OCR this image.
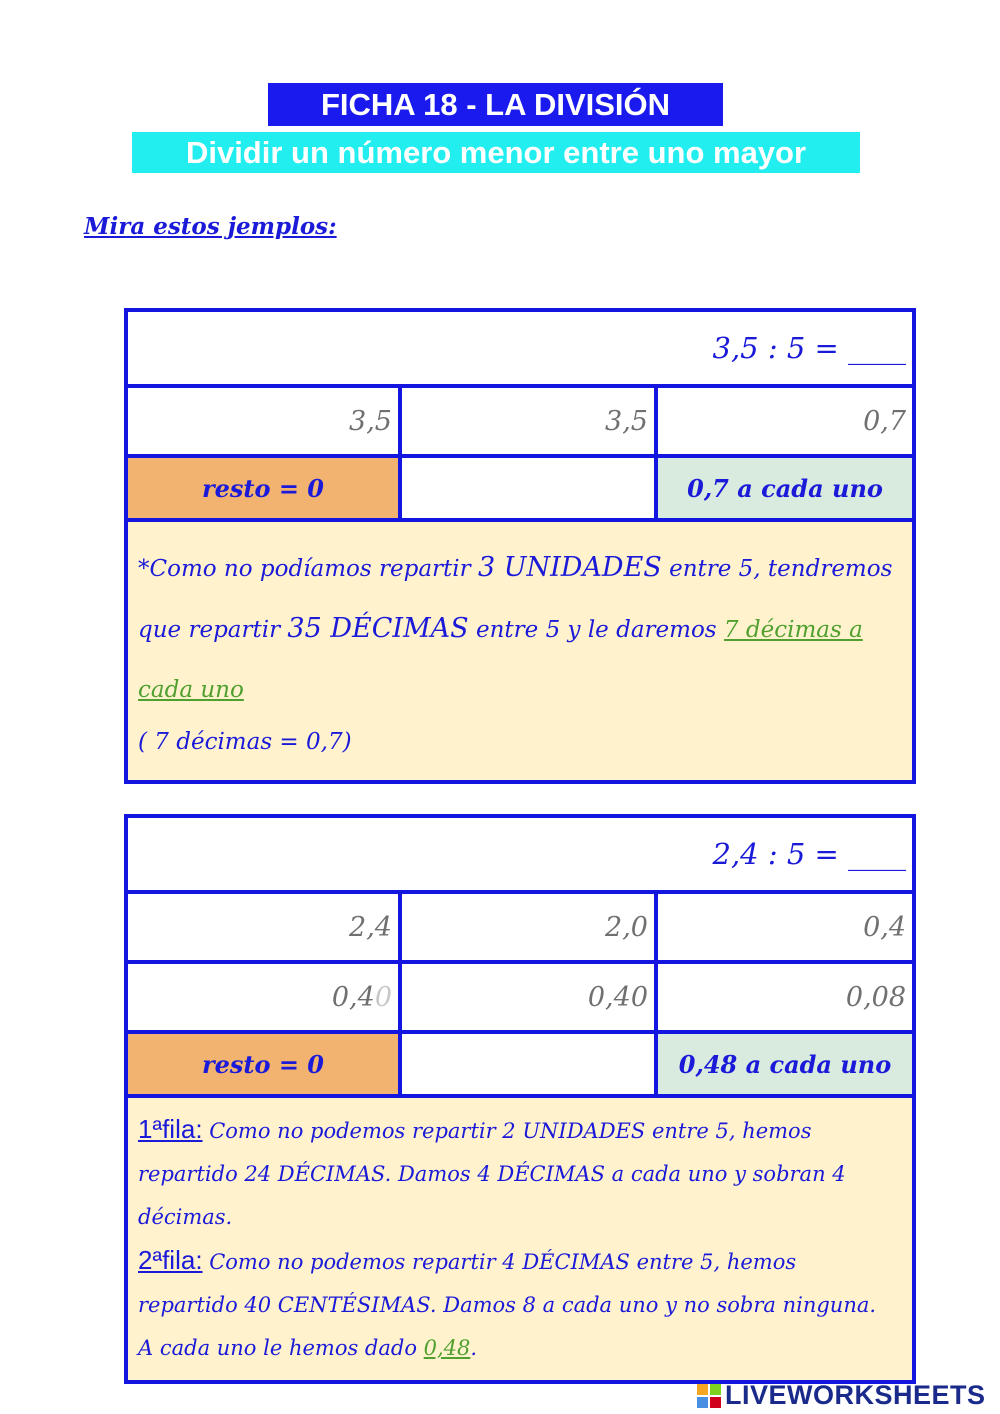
FICHA 18 - LA DIVISIÓN
Dividir un número menor entre uno mayor
Mira estos jemplos:
3,5 : 5 = ____		
3,5	3,5	0,7
resto = 0		0,7 a cada uno

*Como no podíamos repartir 3 UNIDADES entre 5, tendremos que repartir 35 DÉCIMAS entre 5 y le daremos 7 décimas a cada uno
( 7 décimas = 0,7)		
2,4 : 5 = ____		
2,4	2,0	0,4
0,40	0,40	0,08
resto = 0		0,48 a cada uno
1ªfila: Como no podemos repartir 2 UNIDADES entre 5, hemos repartido 24 DÉCIMAS. Damos 4 DÉCIMAS a cada uno y sobran 4 décimas.
2ªfila: Como no podemos repartir 4 DÉCIMAS entre 5, hemos repartido 40 CENTÉSIMAS. Damos 8 a cada uno y no sobra ninguna.
A cada uno le hemos dado 0,48.		
LIVEWORKSHEETS
